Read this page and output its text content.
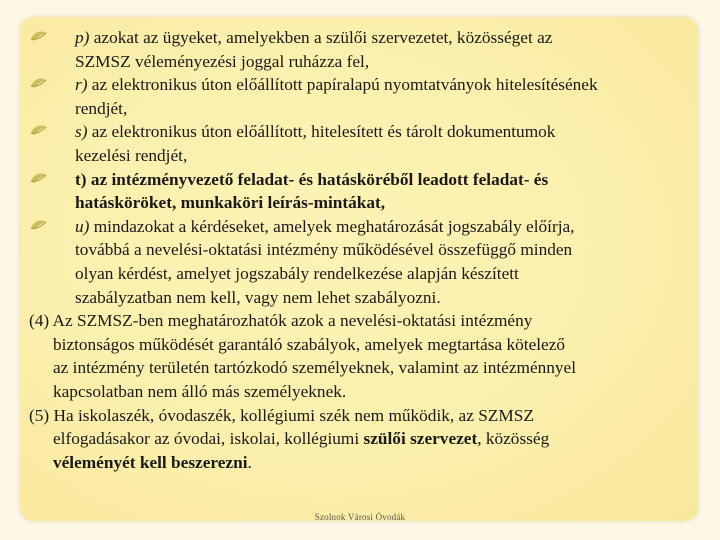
p) azokat az ügyeket, amelyekben a szülői szervezetet, közösséget az
SZMSZ véleményezési joggal ruházza fel,
r) az elektronikus úton előállított papíralapú nyomtatványok hitelesítésének
rendjét,
s) az elektronikus úton előállított, hitelesített és tárolt dokumentumok
kezelési rendjét,
t) az intézményvezető feladat- és hatásköréből leadott feladat- és
hatásköröket, munkaköri leírás-mintákat,
u) mindazokat a kérdéseket, amelyek meghatározását jogszabály előírja,
továbbá a nevelési-oktatási intézmény működésével összefüggő minden
olyan kérdést, amelyet jogszabály rendelkezése alapján készített
szabályzatban nem kell, vagy nem lehet szabályozni.
(4) Az SZMSZ-ben meghatározhatók azok a nevelési-oktatási intézmény
biztonságos működését garantáló szabályok, amelyek megtartása kötelező
az intézmény területén tartózkodó személyeknek, valamint az intézménnyel
kapcsolatban nem álló más személyeknek.
(5) Ha iskolaszék, óvodaszék, kollégiumi szék nem működik, az SZMSZ
elfogadásakor az óvodai, iskolai, kollégiumi szülői szervezet, közösség
véleményét kell beszerezni.
Szolnok Városi Óvodák
